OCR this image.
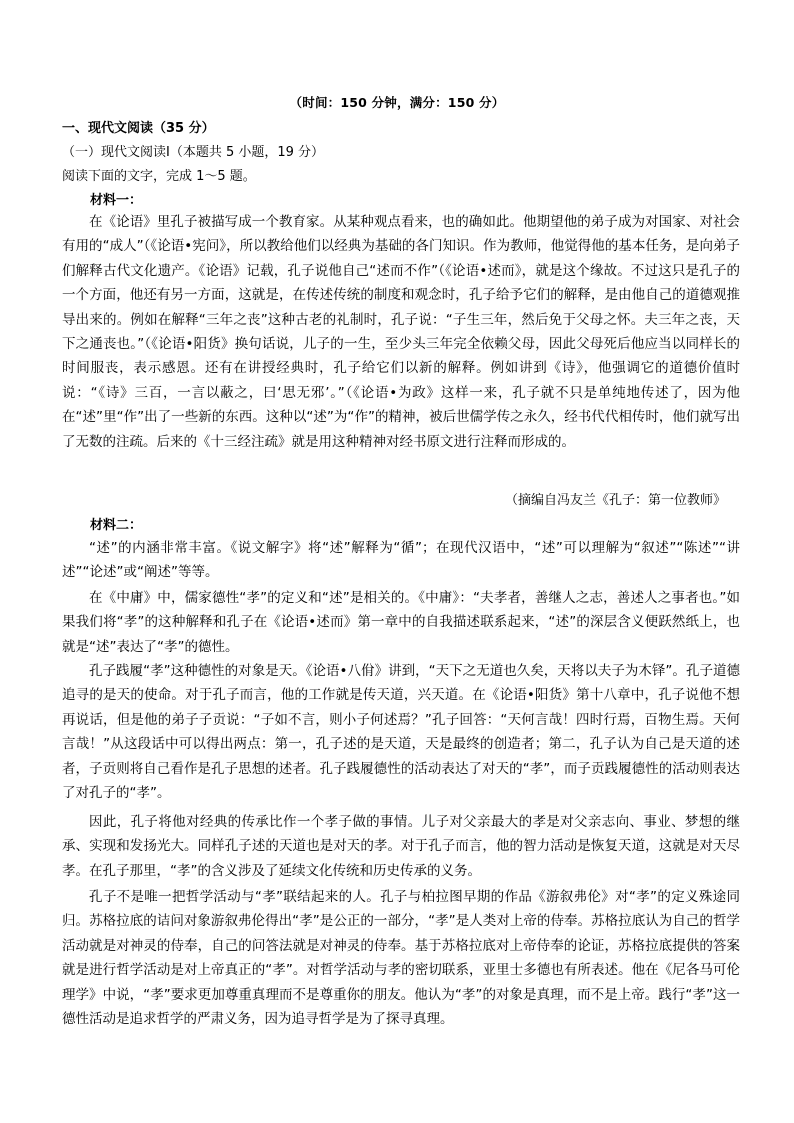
（时间：150 分钟，满分：150 分）
一、现代文阅读（35 分）
（一）现代文阅读Ⅰ（本题共 5 小题，19 分）
阅读下面的文字，完成 1～5 题。
材料一：

在《论语》里孔子被描写成一个教育家。从某种观点看来，也的确如此。他期望他的弟子成为对国家、对社会有用的“成人”（《论语•宪问》，所以教给他们以经典为基础的各门知识。作为教师，他觉得他的基本任务，是向弟子们解释古代文化遗产。《论语》记载，孔子说他自己“述而不作”（《论语•述而》，就是这个缘故。不过这只是孔子的一个方面，他还有另一方面，这就是，在传述传统的制度和观念时，孔子给予它们的解释，是由他自己的道德观推导出来的。例如在解释“三年之丧”这种古老的礼制时，孔子说：“子生三年，然后免于父母之怀。夫三年之丧，天下之通丧也。”（《论语•阳货》换句话说，儿子的一生，至少头三年完全依赖父母，因此父母死后他应当以同样长的时间服丧，表示感恩。还有在讲授经典时，孔子给它们以新的解释。例如讲到《诗》，他强调它的道德价值时说：“《诗》三百，一言以蔽之，曰‘思无邪’。”（《论语•为政》这样一来，孔子就不只是单纯地传述了，因为他在“述”里“作”出了一些新的东西。这种以“述”为“作”的精神，被后世儒学传之永久，经书代代相传时，他们就写出了无数的注疏。后来的《十三经注疏》就是用这种精神对经书原文进行注释而形成的。

（摘编自冯友兰《孔子：第一位教师》
材料二：

“述”的内涵非常丰富。《说文解字》将“述”解释为“循”；在现代汉语中，“述”可以理解为“叙述”“陈述”“讲述”“论述”或“阐述”等等。

在《中庸》中，儒家德性“孝”的定义和“述”是相关的。《中庸》：“夫孝者，善继人之志，善述人之事者也。”如果我们将“孝”的这种解释和孔子在《论语•述而》第一章中的自我描述联系起来，“述”的深层含义便跃然纸上，也就是“述”表达了“孝”的德性。

孔子践履“孝”这种德性的对象是天。《论语•八佾》讲到，“天下之无道也久矣，天将以夫子为木铎”。孔子道德追寻的是天的使命。对于孔子而言，他的工作就是传天道，兴天道。在《论语•阳货》第十八章中，孔子说他不想再说话，但是他的弟子子贡说：“子如不言，则小子何述焉？”孔子回答：“天何言哉！四时行焉，百物生焉。天何言哉！”从这段话中可以得出两点：第一，孔子述的是天道，天是最终的创造者；第二，孔子认为自己是天道的述者，子贡则将自己看作是孔子思想的述者。孔子践履德性的活动表达了对天的“孝”，而子贡践履德性的活动则表达了对孔子的“孝”。

因此，孔子将他对经典的传承比作一个孝子做的事情。儿子对父亲最大的孝是对父亲志向、事业、梦想的继承、实现和发扬光大。同样孔子述的天道也是对天的孝。对于孔子而言，他的智力活动是恢复天道，这就是对天尽孝。在孔子那里，“孝”的含义涉及了延续文化传统和历史传承的义务。

孔子不是唯一把哲学活动与“孝”联结起来的人。孔子与柏拉图早期的作品《游叙弗伦》对“孝”的定义殊途同归。苏格拉底的诘问对象游叙弗伦得出“孝”是公正的一部分，“孝”是人类对上帝的侍奉。苏格拉底认为自己的哲学活动就是对神灵的侍奉，自己的问答法就是对神灵的侍奉。基于苏格拉底对上帝侍奉的论证，苏格拉底提供的答案就是进行哲学活动是对上帝真正的“孝”。对哲学活动与孝的密切联系，亚里士多德也有所表述。他在《尼各马可伦理学》中说，“孝”要求更加尊重真理而不是尊重你的朋友。他认为“孝”的对象是真理，而不是上帝。践行“孝”这一德性活动是追求哲学的严肃义务，因为追寻哲学是为了探寻真理。
